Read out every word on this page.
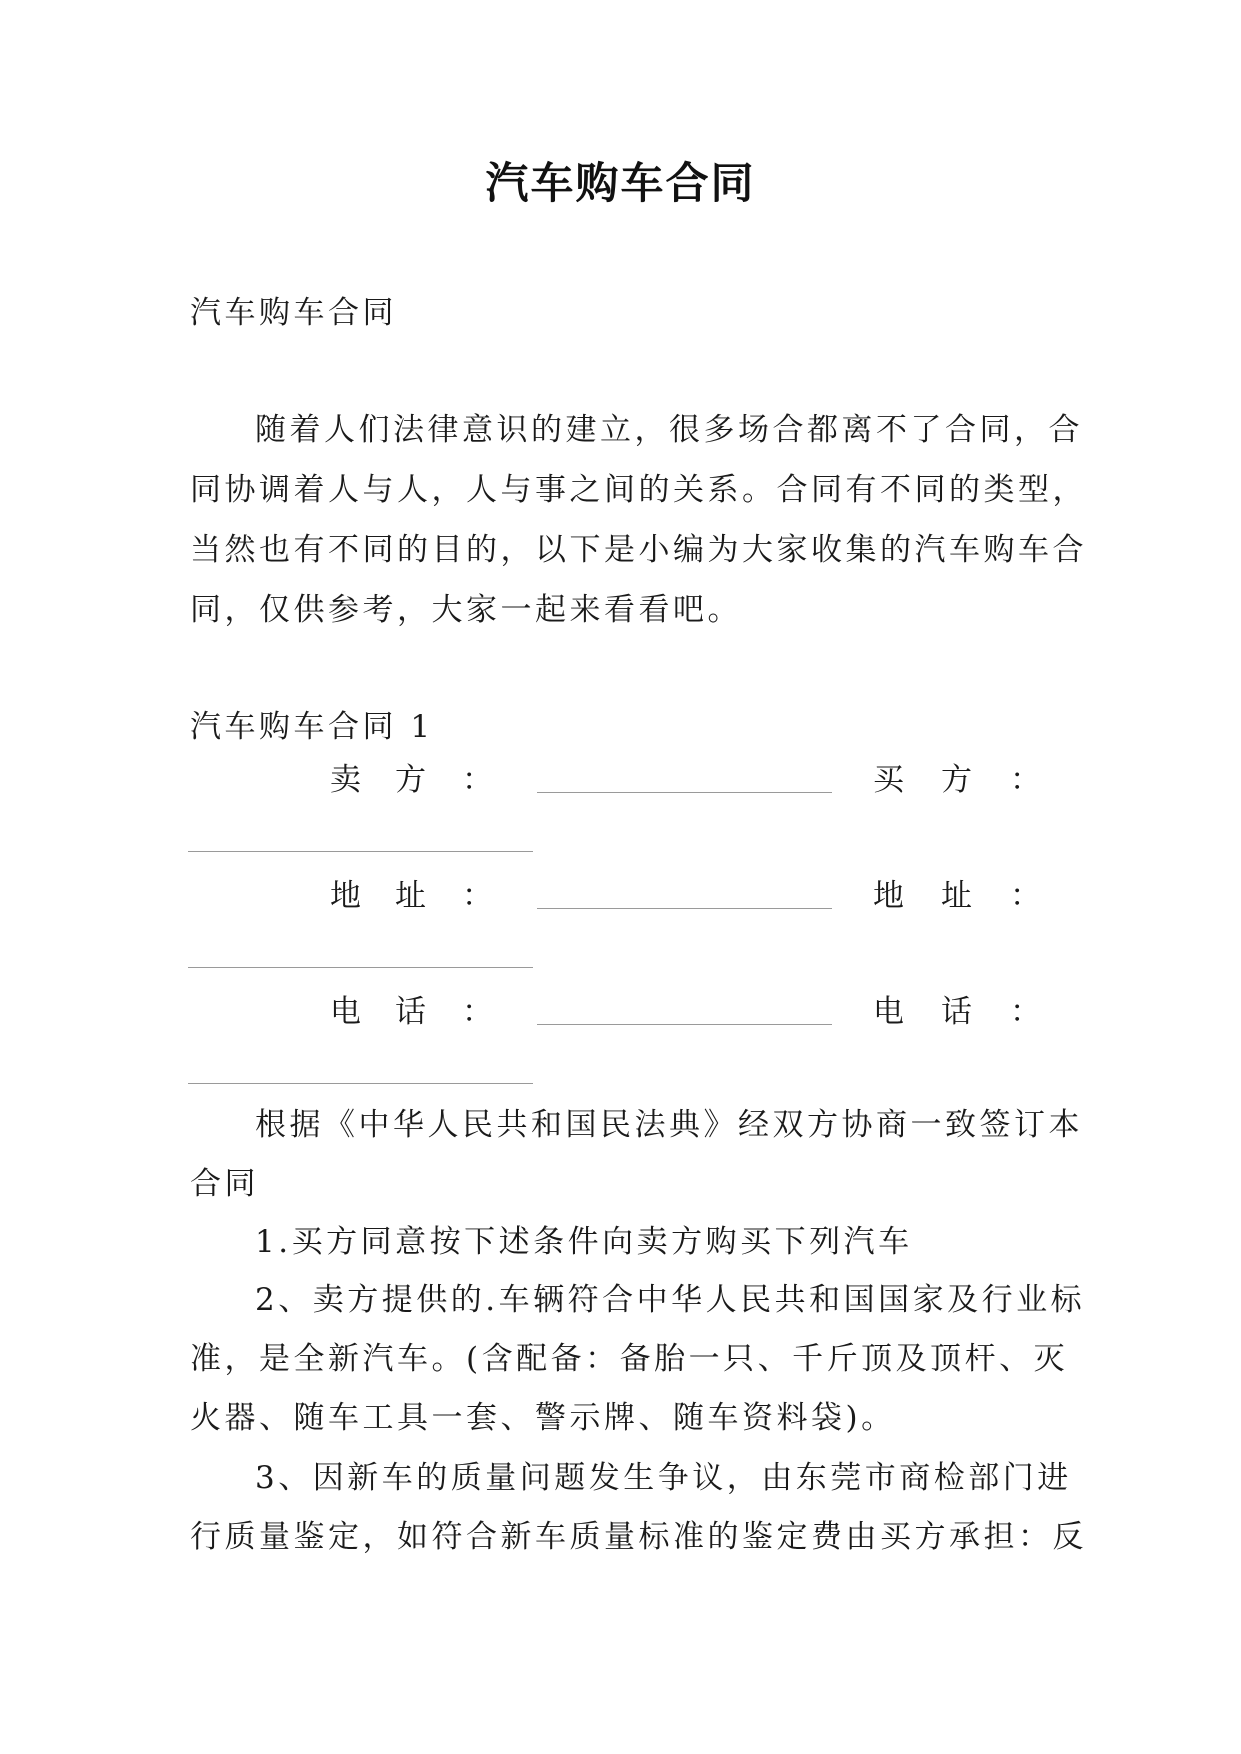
汽车购车合同
汽车购车合同
随着人们法律意识的建立，很多场合都离不了合同，合
同协调着人与人，人与事之间的关系。合同有不同的类型，
当然也有不同的目的，以下是小编为大家收集的汽车购车合
同，仅供参考，大家一起来看看吧。
汽车购车合同 1
卖 方 ：	买 方 ：
地 址 ：	地 址 ：
电 话 ：	电 话 ：
根据《中华人民共和国民法典》经双方协商一致签订本
合同
1.买方同意按下述条件向卖方购买下列汽车
2、卖方提供的.车辆符合中华人民共和国国家及行业标
准，是全新汽车。(含配备：备胎一只、千斤顶及顶杆、灭
火器、随车工具一套、警示牌、随车资料袋)。
3、因新车的质量问题发生争议，由东莞市商检部门进
行质量鉴定，如符合新车质量标准的鉴定费由买方承担：反
